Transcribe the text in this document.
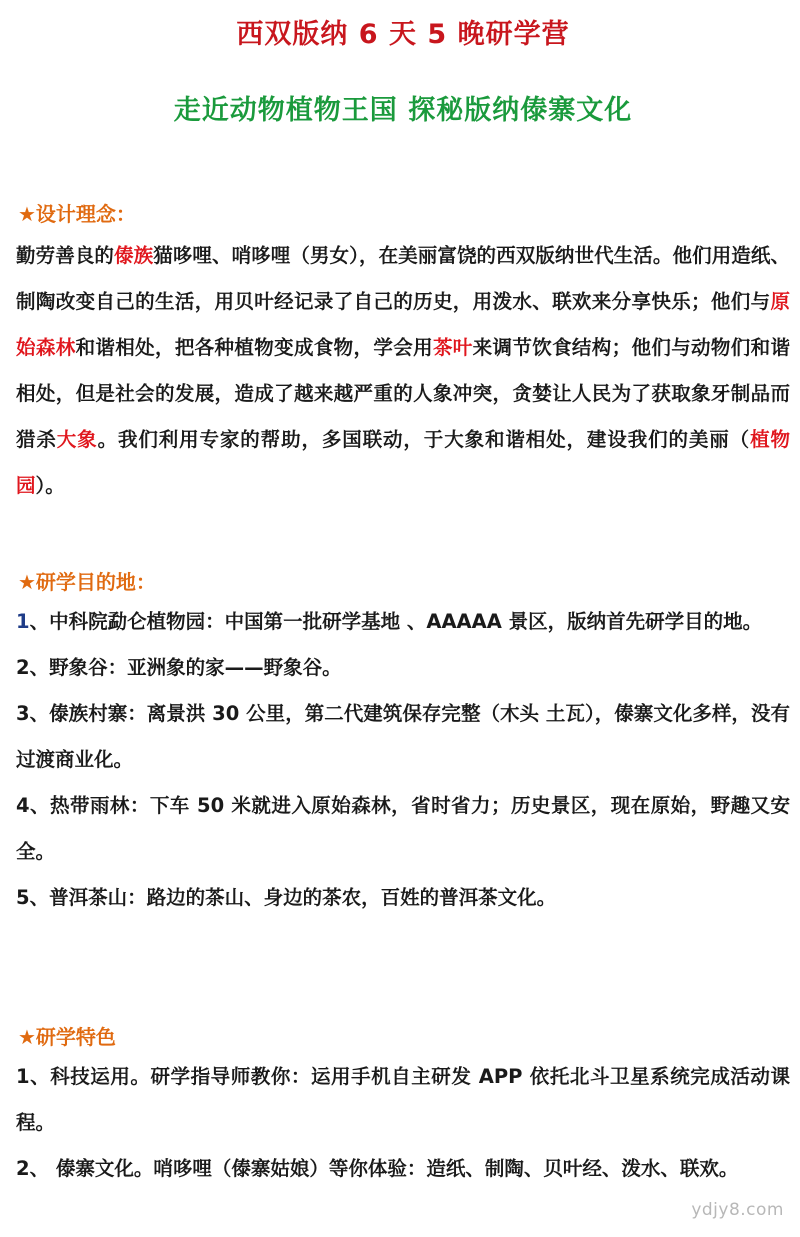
西双版纳 6 天 5 晚研学营
走近动物植物王国 探秘版纳傣寨文化
★设计理念：

勤劳善良的傣族猫哆哩、哨哆哩（男女），在美丽富饶的西双版纳世代生活。他们用造纸、制陶改变自己的生活，用贝叶经记录了自己的历史，用泼水、联欢来分享快乐；他们与原始森林和谐相处，把各种植物变成食物，学会用茶叶来调节饮食结构；他们与动物们和谐相处，但是社会的发展，造成了越来越严重的人象冲突，贪婪让人民为了获取象牙制品而猎杀大象。我们利用专家的帮助，多国联动，于大象和谐相处，建设我们的美丽（植物园）。

★研学目的地：

1、中科院勐仑植物园：中国第一批研学基地 、AAAAA 景区，版纳首先研学目的地。

2、野象谷：亚洲象的家——野象谷。

3、傣族村寨：离景洪 30 公里，第二代建筑保存完整（木头 土瓦），傣寨文化多样，没有过渡商业化。

4、热带雨林：下车 50 米就进入原始森林，省时省力；历史景区，现在原始，野趣又安全。

5、普洱茶山：路边的茶山、身边的茶农，百姓的普洱茶文化。

★研学特色

1、科技运用。研学指导师教你：运用手机自主研发 APP 依托北斗卫星系统完成活动课程。

2、 傣寨文化。哨哆哩（傣寨姑娘）等你体验：造纸、制陶、贝叶经、泼水、联欢。

ydjy8.com
